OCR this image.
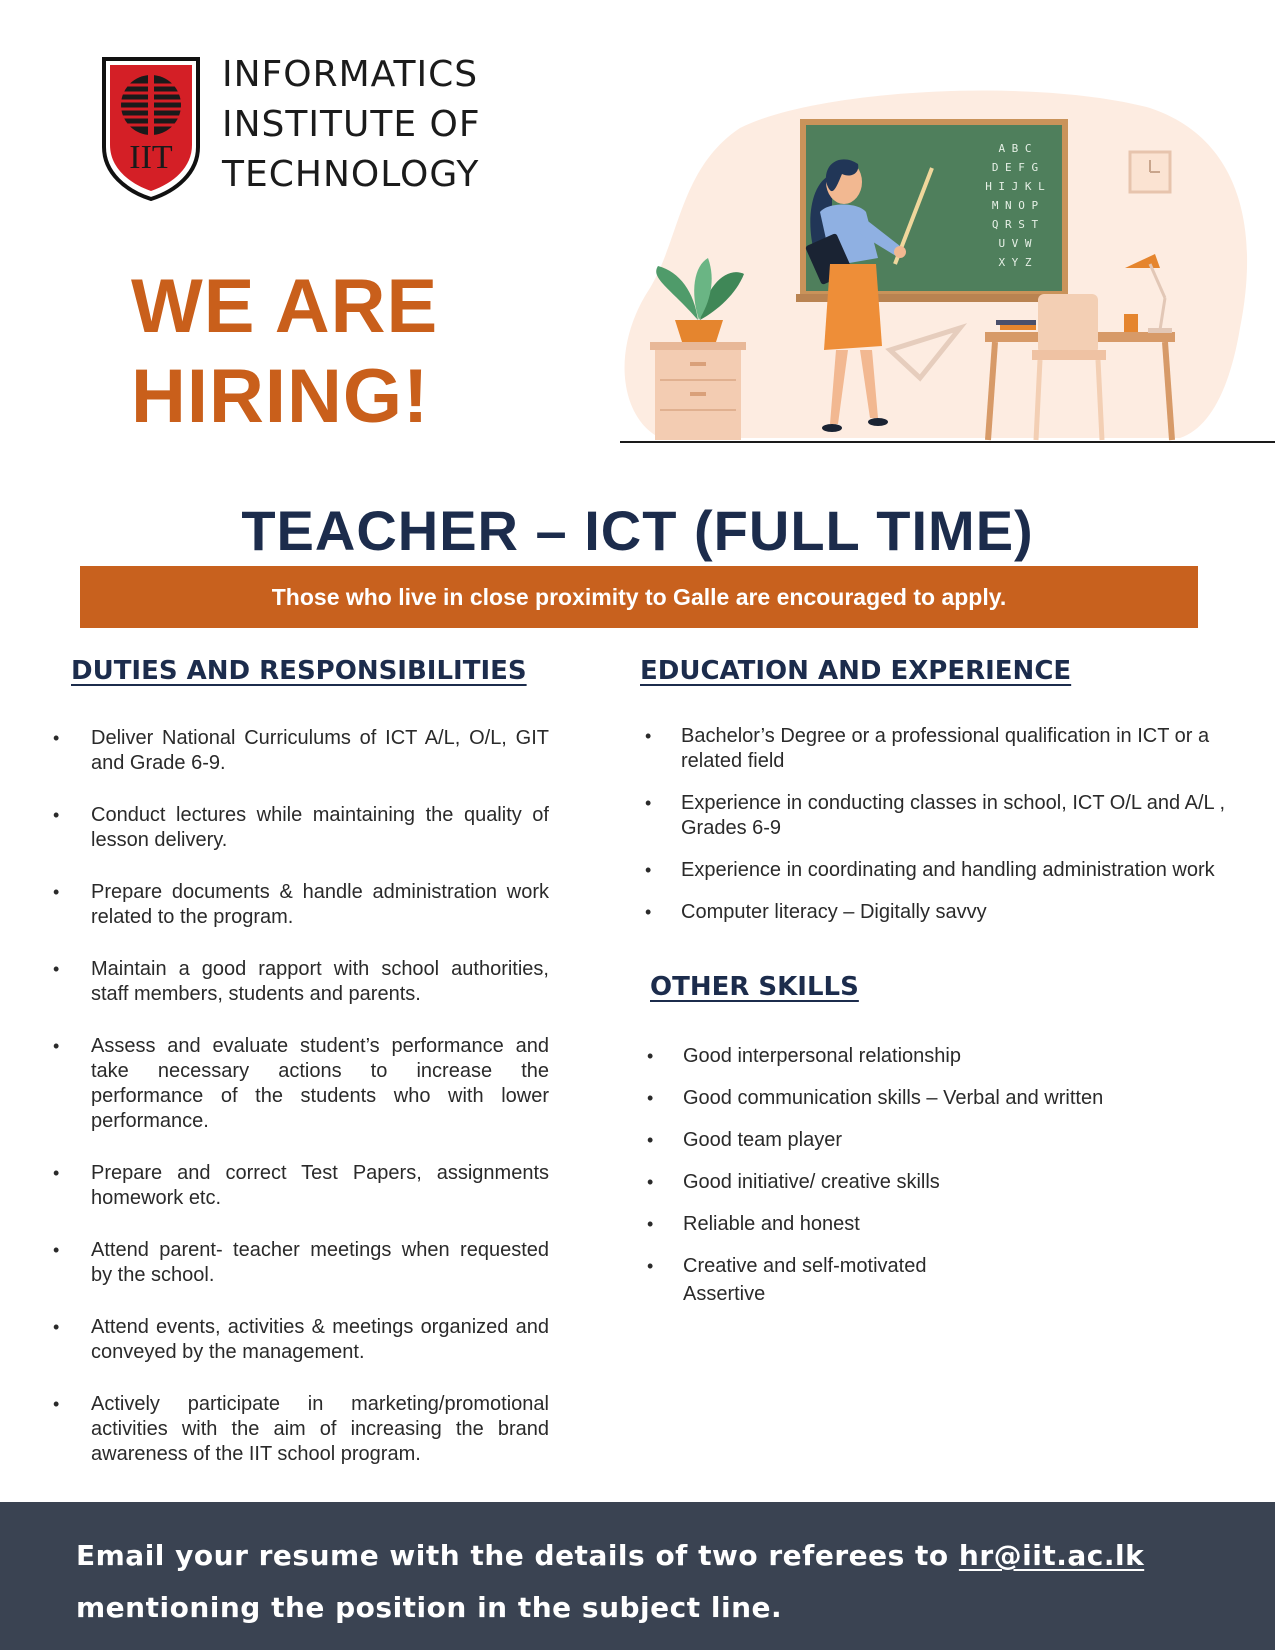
IIT
INFORMATICS
INSTITUTE OF
TECHNOLOGY
WE ARE
HIRING!
A B C
D E F G
H I J K L
M N O P
Q R S T
U V W
X Y Z
TEACHER – ICT (FULL TIME)
Those who live in close proximity to Galle are encouraged to apply.
DUTIES AND RESPONSIBILITIES
• Deliver National Curriculums of ICT A/L, O/L, GIT and Grade 6-9.
• Conduct lectures while maintaining the quality of lesson delivery.
• Prepare documents & handle administration work related to the program.
• Maintain a good rapport with school authorities, staff members, students and parents.
• Assess and evaluate student’s performance and take necessary actions to increase the performance of the students who with lower performance.
• Prepare and correct Test Papers, assignments homework etc.
• Attend parent- teacher meetings when requested by the school.
• Attend events, activities & meetings organized and conveyed by the management.
• Actively participate in marketing/promotional activities with the aim of increasing the brand awareness of the IIT school program.
EDUCATION AND EXPERIENCE
• Bachelor’s Degree or a professional qualification in ICT or a related field
• Experience in conducting classes in school, ICT O/L and A/L , Grades 6-9
• Experience in coordinating and handling administration work
• Computer literacy – Digitally savvy
OTHER SKILLS
• Good interpersonal relationship
• Good communication skills – Verbal and written
• Good team player
• Good initiative/ creative skills
• Reliable and honest
• Creative and self-motivated
Assertive

Email your resume with the details of two referees to hr@iit.ac.lk mentioning the position in the subject line.
